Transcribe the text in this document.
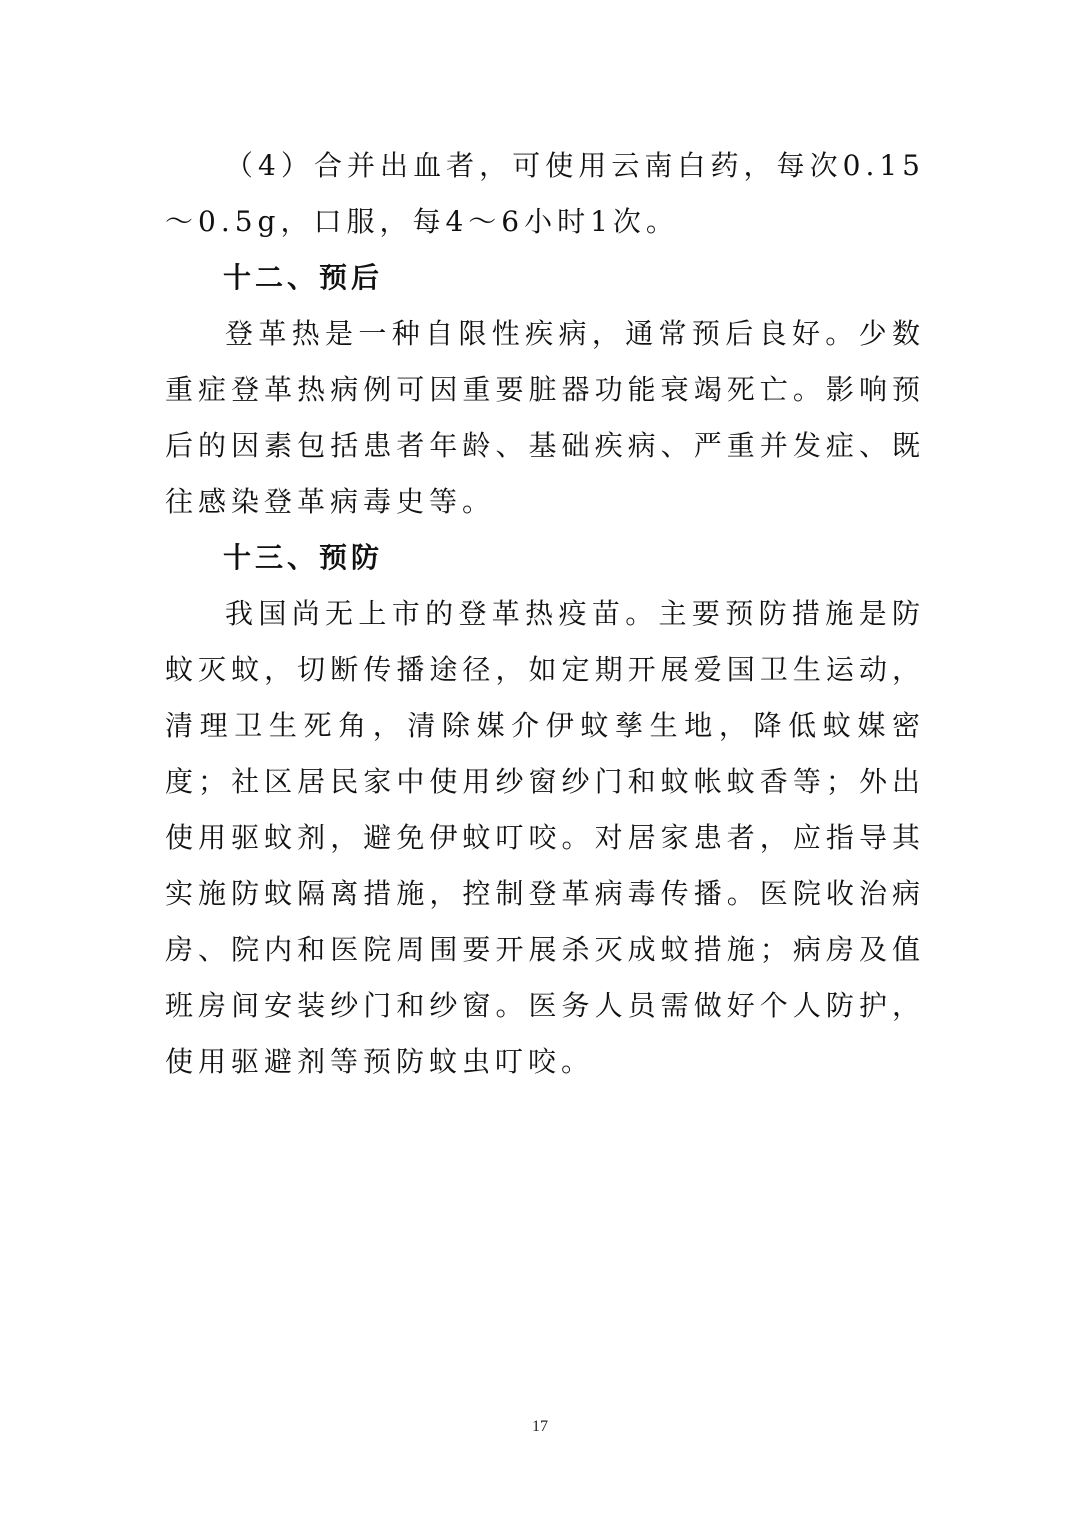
（4）合并出血者，可使用云南白药，每次0.15～0.5g，口服，每4～6小时1次。

十二、预后

登革热是一种自限性疾病，通常预后良好。少数重症登革热病例可因重要脏器功能衰竭死亡。影响预后的因素包括患者年龄、基础疾病、严重并发症、既往感染登革病毒史等。

十三、预防

我国尚无上市的登革热疫苗。主要预防措施是防蚊灭蚊，切断传播途径，如定期开展爱国卫生运动，清理卫生死角，清除媒介伊蚊孳生地，降低蚊媒密度；社区居民家中使用纱窗纱门和蚊帐蚊香等；外出使用驱蚊剂，避免伊蚊叮咬。对居家患者，应指导其实施防蚊隔离措施，控制登革病毒传播。医院收治病房、院内和医院周围要开展杀灭成蚊措施；病房及值班房间安装纱门和纱窗。医务人员需做好个人防护，使用驱避剂等预防蚊虫叮咬。

17
